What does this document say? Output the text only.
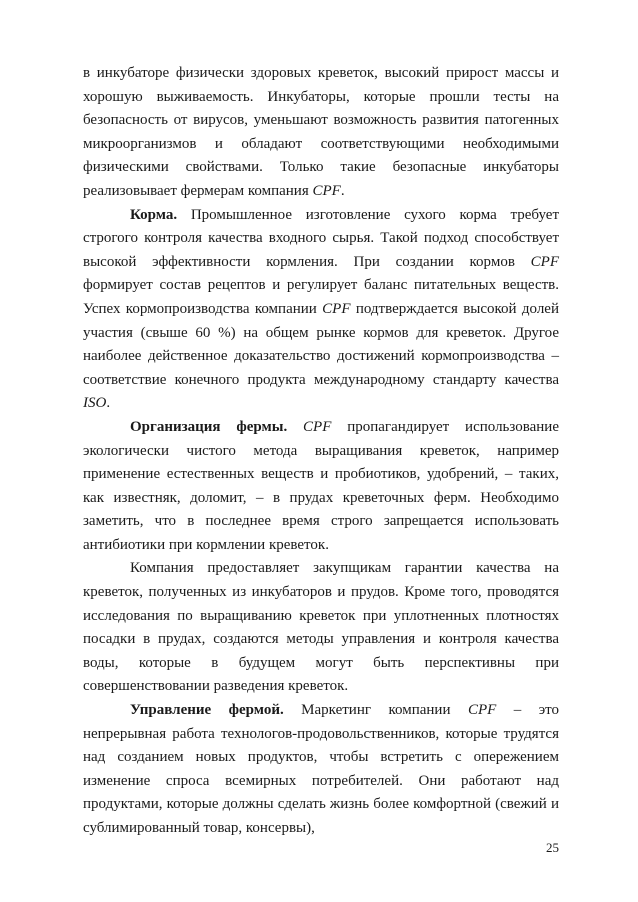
в инкубаторе физически здоровых креветок, высокий прирост массы и хорошую выживаемость. Инкубаторы, которые прошли тесты на безопасность от вирусов, уменьшают возможность развития патогенных микроорганизмов и обладают соответствующими необходимыми физическими свойствами. Только такие безопасные инкубаторы реализовывает фермерам компания CPF.

Корма. Промышленное изготовление сухого корма требует строгого контроля качества входного сырья. Такой подход способствует высокой эффективности кормления. При создании кормов CPF формирует состав рецептов и регулирует баланс питательных веществ. Успех кормопроизводства компании CPF подтверждается высокой долей участия (свыше 60 %) на общем рынке кормов для креветок. Другое наиболее действенное доказательство достижений кормопроизводства – соответствие конечного продукта международному стандарту качества ISO.

Организация фермы. CPF пропагандирует использование экологически чистого метода выращивания креветок, например применение естественных веществ и пробиотиков, удобрений, – таких, как известняк, доломит, – в прудах креветочных ферм. Необходимо заметить, что в последнее время строго запрещается использовать антибиотики при кормлении креветок.

Компания предоставляет закупщикам гарантии качества на креветок, полученных из инкубаторов и прудов. Кроме того, проводятся исследования по выращиванию креветок при уплотненных плотностях посадки в прудах, создаются методы управления и контроля качества воды, которые в будущем могут быть перспективны при совершенствовании разведения креветок.

Управление фермой. Маркетинг компании CPF – это непрерывная работа технологов-продовольственников, которые трудятся над созданием новых продуктов, чтобы встретить с опережением изменение спроса всемирных потребителей. Они работают над продуктами, которые должны сделать жизнь более комфортной (свежий и сублимированный товар, консервы),

25
